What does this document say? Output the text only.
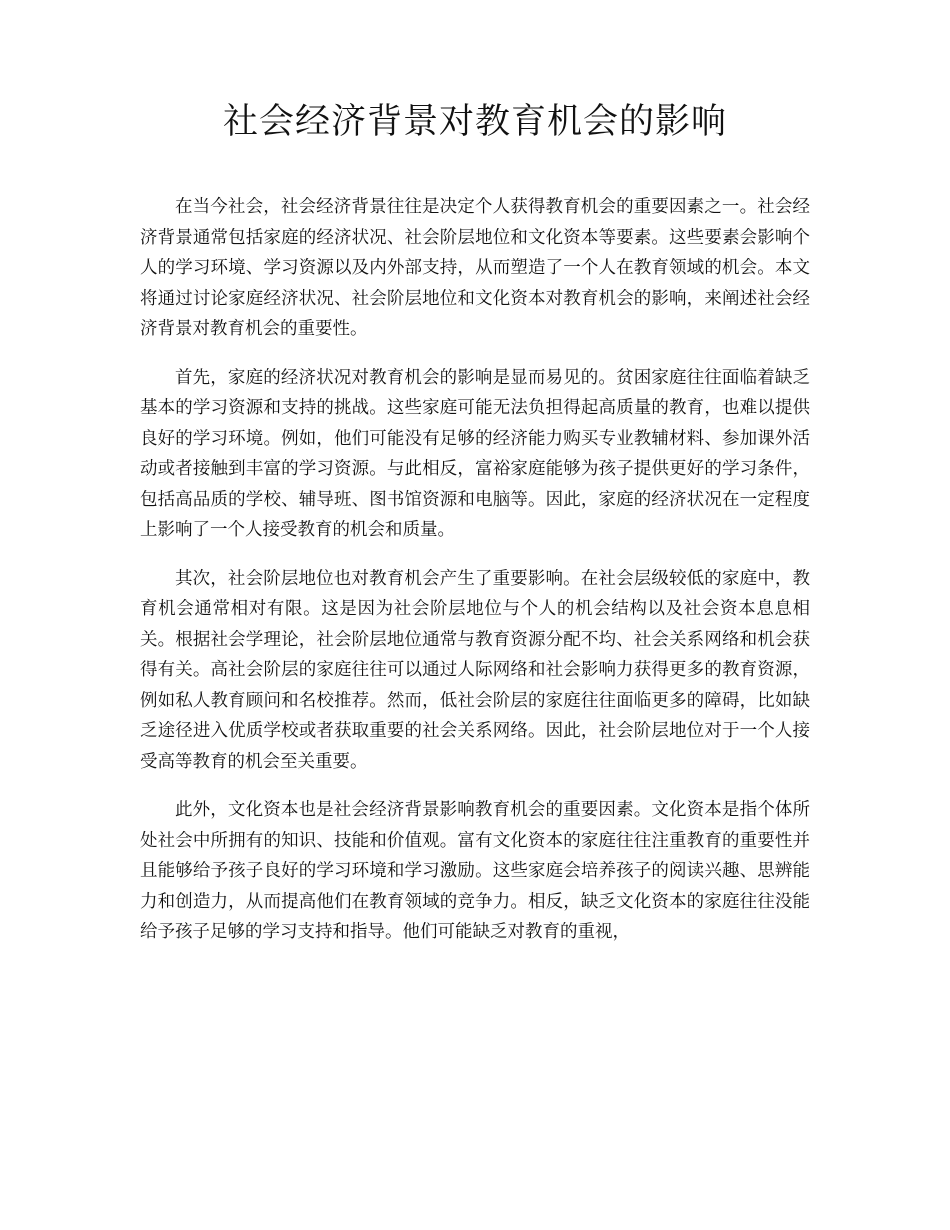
社会经济背景对教育机会的影响

在当今社会，社会经济背景往往是决定个人获得教育机会的重要因素之一。社会经济背景通常包括家庭的经济状况、社会阶层地位和文化资本等要素。这些要素会影响个人的学习环境、学习资源以及内外部支持，从而塑造了一个人在教育领域的机会。本文将通过讨论家庭经济状况、社会阶层地位和文化资本对教育机会的影响，来阐述社会经济背景对教育机会的重要性。

首先，家庭的经济状况对教育机会的影响是显而易见的。贫困家庭往往面临着缺乏基本的学习资源和支持的挑战。这些家庭可能无法负担得起高质量的教育，也难以提供良好的学习环境。例如，他们可能没有足够的经济能力购买专业教辅材料、参加课外活动或者接触到丰富的学习资源。与此相反，富裕家庭能够为孩子提供更好的学习条件，包括高品质的学校、辅导班、图书馆资源和电脑等。因此，家庭的经济状况在一定程度上影响了一个人接受教育的机会和质量。

其次，社会阶层地位也对教育机会产生了重要影响。在社会层级较低的家庭中，教育机会通常相对有限。这是因为社会阶层地位与个人的机会结构以及社会资本息息相关。根据社会学理论，社会阶层地位通常与教育资源分配不均、社会关系网络和机会获得有关。高社会阶层的家庭往往可以通过人际网络和社会影响力获得更多的教育资源，例如私人教育顾问和名校推荐。然而，低社会阶层的家庭往往面临更多的障碍，比如缺乏途径进入优质学校或者获取重要的社会关系网络。因此，社会阶层地位对于一个人接受高等教育的机会至关重要。

此外，文化资本也是社会经济背景影响教育机会的重要因素。文化资本是指个体所处社会中所拥有的知识、技能和价值观。富有文化资本的家庭往往注重教育的重要性并且能够给予孩子良好的学习环境和学习激励。这些家庭会培养孩子的阅读兴趣、思辨能力和创造力，从而提高他们在教育领域的竞争力。相反，缺乏文化资本的家庭往往没能给予孩子足够的学习支持和指导。他们可能缺乏对教育的重视，
